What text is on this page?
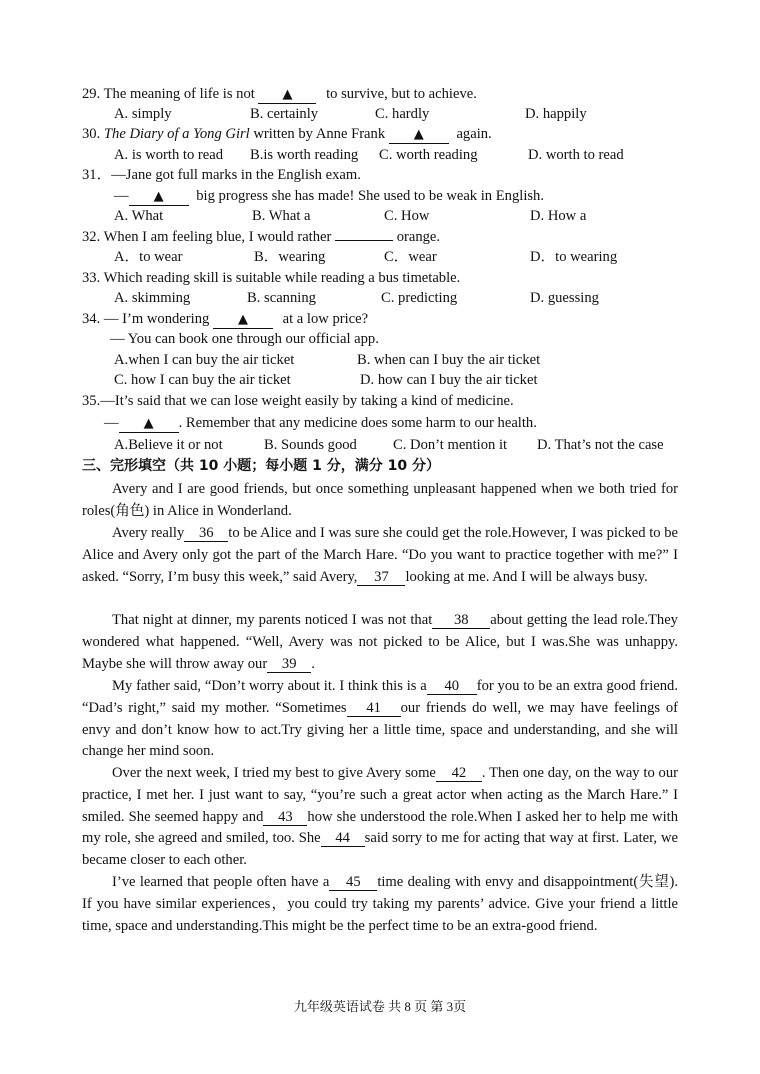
29. The meaning of life is not ▲ to survive, but to achieve.
A. simply	B. certainly	C. hardly	D. happily
30. The Diary of a Yong Girl written by Anne Frank ▲ again.
A. is worth to read B.is worth reading C. worth reading	D. worth to read
31．—Jane got full marks in the English exam.
— ▲ big progress she has made! She used to be weak in English.
A. What	B. What a	C. How	D. How a
32. When I am feeling blue, I would rather	orange.
A．to wear	B．wearing	C．wear	D．to wearing
33. Which reading skill is suitable while reading a bus timetable.
A. skimming	B. scanning	C. predicting	D. guessing
34. — I’m wondering ▲ at a low price?
— You can book one through our official app.
A.when I can buy the air ticket	B. when can I buy the air ticket
C. how I can buy the air ticket	D. how can I buy the air ticket
35.—It’s said that we can lose weight easily by taking a kind of medicine.
— ▲ . Remember that any medicine does some harm to our health.
A.Believe it or not	B. Sounds good C. Don’t mention it D. That’s not the case
三、完形填空（共 10 小题；每小题 1 分，满分 10 分）
Avery and I are good friends, but once something unpleasant happened when we both tried for roles(角色) in Alice in Wonderland.
Avery really 36 to be Alice and I was sure she could get the role.However, I was picked to be Alice and Avery only got the part of the March Hare. “Do you want to practice together with me?” I asked. “Sorry, I’m busy this week,” said Avery, 37 looking at me. And I will be always busy.
That night at dinner, my parents noticed I was not that 38 about getting the lead role.They wondered what happened. “Well, Avery was not picked to be Alice, but I was.She was unhappy. Maybe she will throw away our 39 .
My father said, “Don’t worry about it. I think this is a 40 for you to be an extra good friend. “Dad’s right,” said my mother. “Sometimes 41 our friends do well, we may have feelings of envy and don’t know how to act.Try giving her a little time, space and understanding, and she will change her mind soon.
Over the next week, I tried my best to give Avery some 42 . Then one day, on the way to our practice, I met her. I just want to say, “you’re such a great actor when acting as the March Hare.” I smiled. She seemed happy and 43 how she understood the role.When I asked her to help me with my role, she agreed and smiled, too. She 44 said sorry to me for acting that way at first. Later, we became closer to each other.
I’ve learned that people often have a 45 time dealing with envy and disappointment(失望). If you have similar experiences，you could try taking my parents’ advice. Give your friend a little time, space and understanding.This might be the perfect time to be an extra-good friend.
九年级英语试卷 共 8 页 第 3页
